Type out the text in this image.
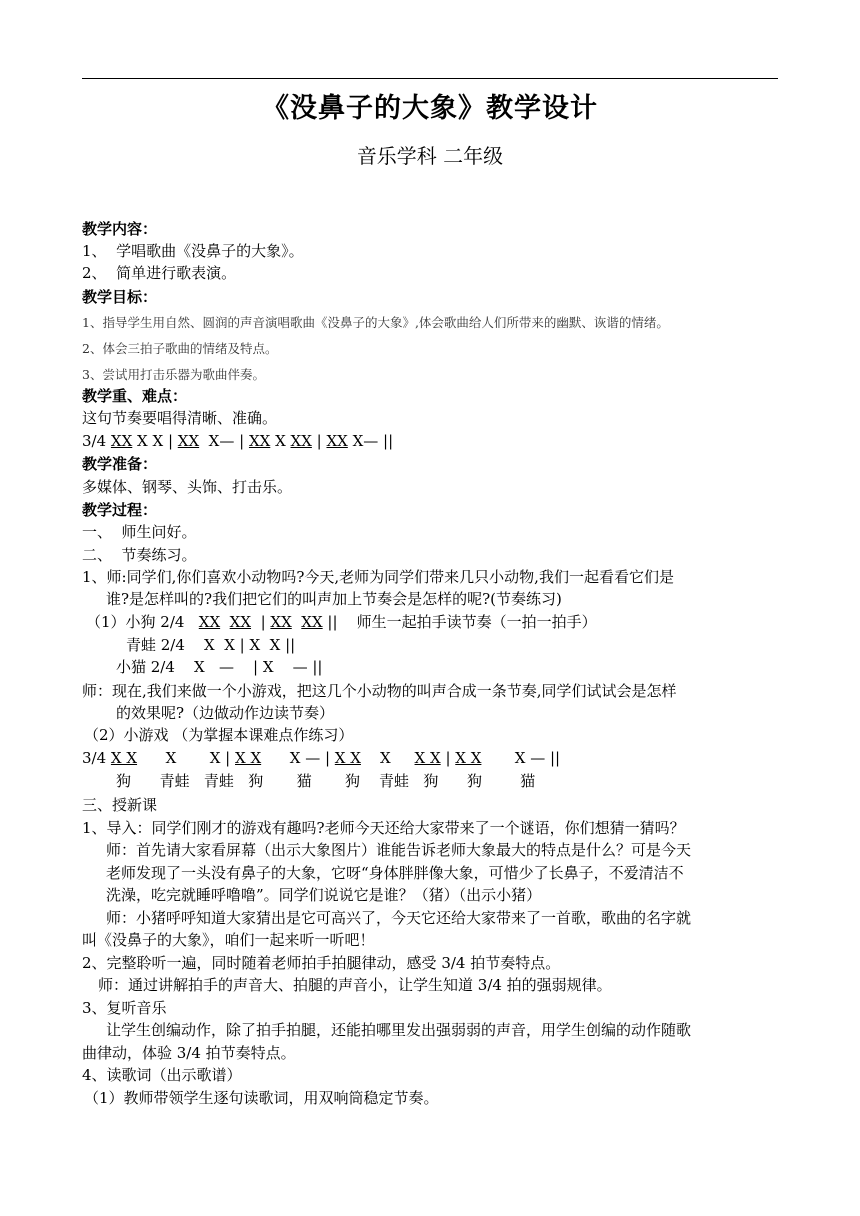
《没鼻子的大象》教学设计
音乐学科 二年级
教学内容：
1、  学唱歌曲《没鼻子的大象》。
2、  简单进行歌表演。
教学目标：
1、指导学生用自然、圆润的声音演唱歌曲《没鼻子的大象》,体会歌曲给人们所带来的幽默、诙谐的情绪。
2、体会三拍子歌曲的情绪及特点。
3、尝试用打击乐器为歌曲伴奏。
教学重、难点：
这句节奏要唱得清晰、准确。
3/4 XX X X | XX  X— | XX X XX | XX X— ||
教学准备：
多媒体、钢琴、头饰、打击乐。
教学过程：
一、  师生问好。
二、  节奏练习。
1、师:同学们,你们喜欢小动物吗?今天,老师为同学们带来几只小动物,我们一起看看它们是
谁?是怎样叫的?我们把它们的叫声加上节奏会是怎样的呢?(节奏练习)
（1）小狗 2/4   XX XX  | XX XX ||    师生一起拍手读节奏（一拍一拍手）
青蛙 2/4    X  X | X  X ||
小猫 2/4    X   —    | X    — ||
师：现在,我们来做一个小游戏，把这几个小动物的叫声合成一条节奏,同学们试试会是怎样
的效果呢?（边做动作边读节奏）
（2）小游戏 （为掌握本课难点作练习）
3/4 X X      X       X | X X      X — | X X    X     X X | X X       X — ||
狗      青蛙   青蛙   狗       猫       狗    青蛙   狗      狗        猫
三、授新课
1、导入：同学们刚才的游戏有趣吗?老师今天还给大家带来了一个谜语，你们想猜一猜吗？
师：首先请大家看屏幕（出示大象图片）谁能告诉老师大象最大的特点是什么？可是今天
老师发现了一头没有鼻子的大象，它呀“身体胖胖像大象，可惜少了长鼻子，不爱清洁不
洗澡，吃完就睡呼噜噜”。同学们说说它是谁？（猪）（出示小猪）
师：小猪呼呼知道大家猜出是它可高兴了，今天它还给大家带来了一首歌，歌曲的名字就
叫《没鼻子的大象》，咱们一起来听一听吧！
2、完整聆听一遍，同时随着老师拍手拍腿律动，感受 3/4 拍节奏特点。
师：通过讲解拍手的声音大、拍腿的声音小，让学生知道 3/4 拍的强弱规律。
3、复听音乐
让学生创编动作，除了拍手拍腿，还能拍哪里发出强弱弱的声音，用学生创编的动作随歌
曲律动，体验 3/4 拍节奏特点。
4、读歌词（出示歌谱）
（1）教师带领学生逐句读歌词，用双响筒稳定节奏。
